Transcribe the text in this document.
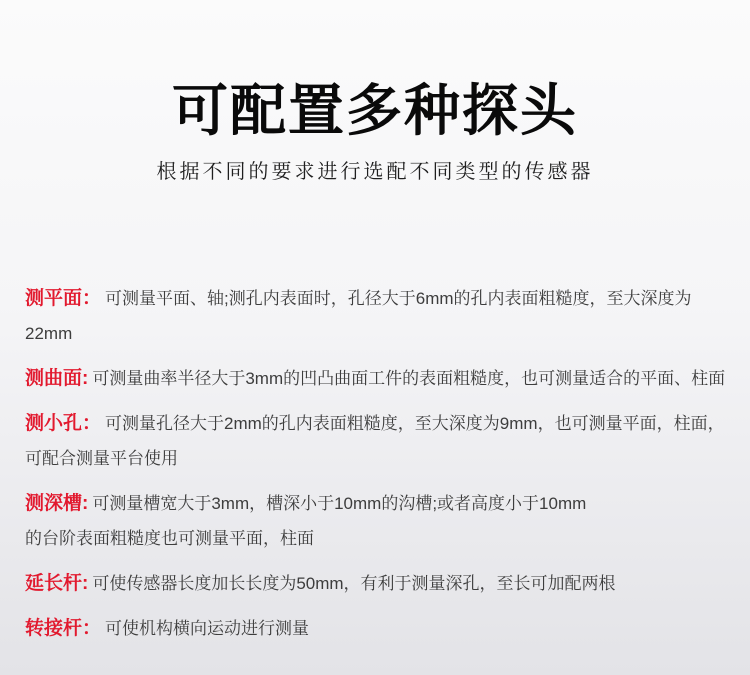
可配置多种探头

根据不同的要求进行选配不同类型的传感器

测平面： 可测量平面、轴;测孔内表面时，孔径大于6mm的孔内表面粗糙度，至大深度为22mm

测曲面: 可测量曲率半径大于3mm的凹凸曲面工件的表面粗糙度，也可测量适合的平面、柱面

测小孔： 可测量孔径大于2mm的孔内表面粗糙度，至大深度为9mm，也可测量平面，柱面，
可配合测量平台使用

测深槽: 可测量槽宽大于3mm，槽深小于10mm的沟槽;或者高度小于10mm
的台阶表面粗糙度也可测量平面，柱面

延长杆: 可使传感器长度加长长度为50mm，有利于测量深孔，至长可加配两根

转接杆： 可使机构横向运动进行测量
